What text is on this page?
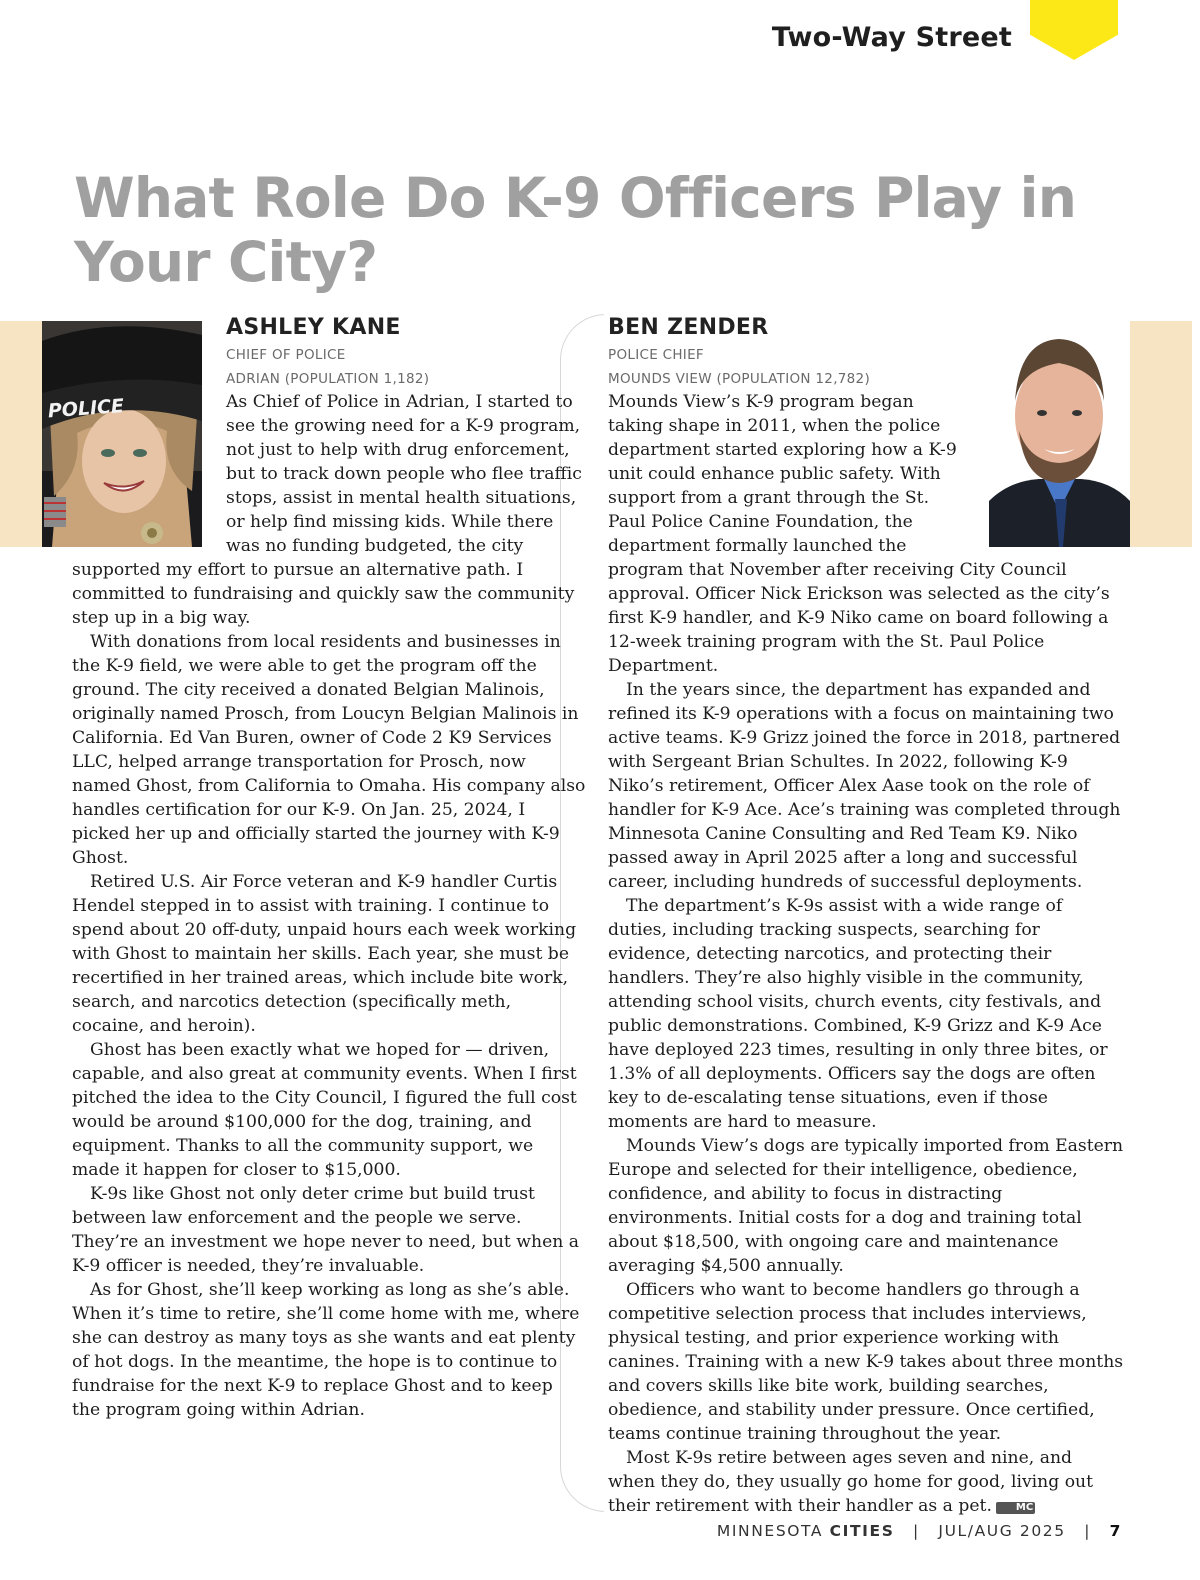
Two-Way Street
What Role Do K-9 Officers Play in Your City?
POLICE
ASHLEY KANE
CHIEF OF POLICE
ADRIAN (POPULATION 1,182)
BEN ZENDER
POLICE CHIEF
MOUNDS VIEW (POPULATION 12,782)

As Chief of Police in Adrian, I started to see the growing need for a K-9 program, not just to help with drug enforcement, but to track down people who flee traffic stops, assist in mental health situations, or help find missing kids. While there was no funding budgeted, the city supported my effort to pursue an alternative path. I committed to fundraising and quickly saw the community step up in a big way.

With donations from local residents and businesses in the K-9 field, we were able to get the program off the ground. The city received a donated Belgian Malinois, originally named Prosch, from Loucyn Belgian Malinois in California. Ed Van Buren, owner of Code 2 K9 Services LLC, helped arrange transportation for Prosch, now named Ghost, from California to Omaha. His company also handles certification for our K-9. On Jan. 25, 2024, I picked her up and officially started the journey with K-9 Ghost.

Retired U.S. Air Force veteran and K-9 handler Curtis Hendel stepped in to assist with training. I continue to spend about 20 off-duty, unpaid hours each week working with Ghost to maintain her skills. Each year, she must be recertified in her trained areas, which include bite work, search, and narcotics detection (specifically meth, cocaine, and heroin).

Ghost has been exactly what we hoped for — driven, capable, and also great at community events. When I first pitched the idea to the City Council, I figured the full cost would be around $100,000 for the dog, training, and equipment. Thanks to all the community support, we made it happen for closer to $15,000.

K-9s like Ghost not only deter crime but build trust between law enforcement and the people we serve. They’re an investment we hope never to need, but when a K-9 officer is needed, they’re invaluable.

As for Ghost, she’ll keep working as long as she’s able. When it’s time to retire, she’ll come home with me, where she can destroy as many toys as she wants and eat plenty of hot dogs. In the meantime, the hope is to continue to fundraise for the next K-9 to replace Ghost and to keep the program going within Adrian.

Mounds View’s K-9 program began taking shape in 2011, when the police department started exploring how a K-9 unit could enhance public safety. With support from a grant through the St. Paul Police Canine Foundation, the department formally launched the program that November after receiving City Council approval. Officer Nick Erickson was selected as the city’s first K-9 handler, and K-9 Niko came on board following a 12-week training program with the St. Paul Police Department.

In the years since, the department has expanded and refined its K-9 operations with a focus on maintaining two active teams. K-9 Grizz joined the force in 2018, partnered with Sergeant Brian Schultes. In 2022, following K-9 Niko’s retirement, Officer Alex Aase took on the role of handler for K-9 Ace. Ace’s training was completed through Minnesota Canine Consulting and Red Team K9. Niko passed away in April 2025 after a long and successful career, including hundreds of successful deployments.

The department’s K-9s assist with a wide range of duties, including tracking suspects, searching for evidence, detecting narcotics, and protecting their handlers. They’re also highly visible in the community, attending school visits, church events, city festivals, and public demonstrations. Combined, K-9 Grizz and K-9 Ace have deployed 223 times, resulting in only three bites, or 1.3% of all deployments. Officers say the dogs are often key to de-escalating tense situations, even if those moments are hard to measure.

Mounds View’s dogs are typically imported from Eastern Europe and selected for their intelligence, obedience, confidence, and ability to focus in distracting environments. Initial costs for a dog and training total about $18,500, with ongoing care and maintenance averaging $4,500 annually.

Officers who want to become handlers go through a competitive selection process that includes interviews, physical testing, and prior experience working with canines. Training with a new K-9 takes about three months and covers skills like bite work, building searches, obedience, and stability under pressure. Once certified, teams continue training throughout the year.

Most K-9s retire between ages seven and nine, and when they do, they usually go home for good, living out their retirement with their handler as a pet. MC

MINNESOTA CITIES | JUL/AUG 2025 | 7
